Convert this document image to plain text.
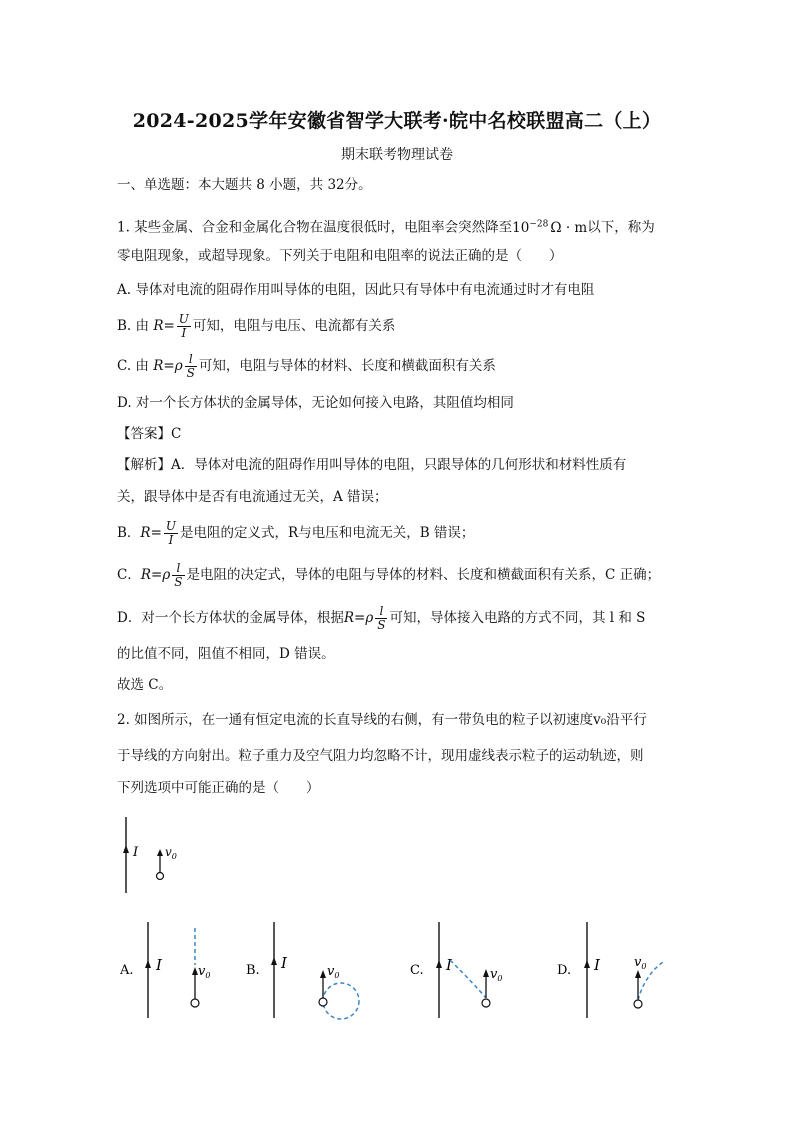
2024-2025学年安徽省智学大联考·皖中名校联盟高二（上）
期末联考物理试卷
一、单选题：本大题共 8 小题，共 32分。
1. 某些金属、合金和金属化合物在温度很低时，电阻率会突然降至$10^{-28}$ Ω · m以下，称为
零电阻现象，或超导现象。下列关于电阻和电阻率的说法正确的是（　　）
A. 导体对电流的阻碍作用叫导体的电阻，因此只有导体中有电流通过时才有电阻
B. 由 $R= \frac{U}{I}$ 可知，电阻与电压、电流都有关系
C. 由 $R=\rho \frac{l}{S}$ 可知，电阻与导体的材料、长度和横截面积有关系
D. 对一个长方体状的金属导体，无论如何接入电路，其阻值均相同
【答案】C
【解析】A．导体对电流的阻碍作用叫导体的电阻，只跟导体的几何形状和材料性质有
关，跟导体中是否有电流通过无关，A 错误；
B．$R= \frac{U}{I}$ 是电阻的定义式，R与电压和电流无关，B 错误；
C．$R=\rho \frac{l}{S}$ 是电阻的决定式，导体的电阻与导体的材料、长度和横截面积有关系，C 正确；
D．对一个长方体状的金属导体，根据$R=\rho \frac{l}{S}$ 可知，导体接入电路的方式不同，其 l 和 S
的比值不同，阻值不相同，D 错误。
故选 C。
2. 如图所示，在一通有恒定电流的长直导线的右侧，有一带负电的粒子以初速度v₀沿平行
于导线的方向射出。粒子重力及空气阻力均忽略不计，现用虚线表示粒子的运动轨迹，则
下列选项中可能正确的是（　　）
I $v_0$
A. I	$v_0$	B. I	$v_0$	C. I
$v_0$
D. I	$v_0$
